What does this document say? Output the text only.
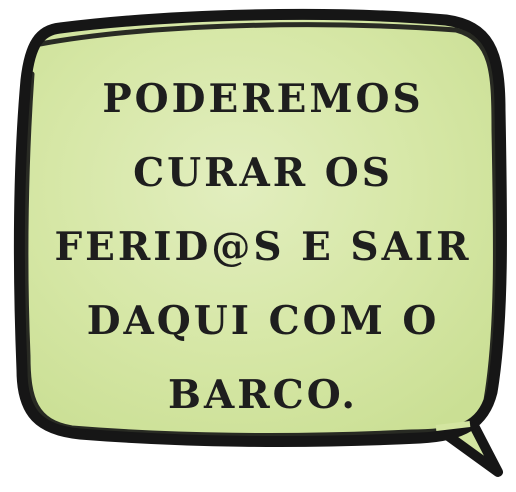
PODEREMOS
CURAR OS
FERID@S E SAIR
DAQUI COM O
BARCO.
